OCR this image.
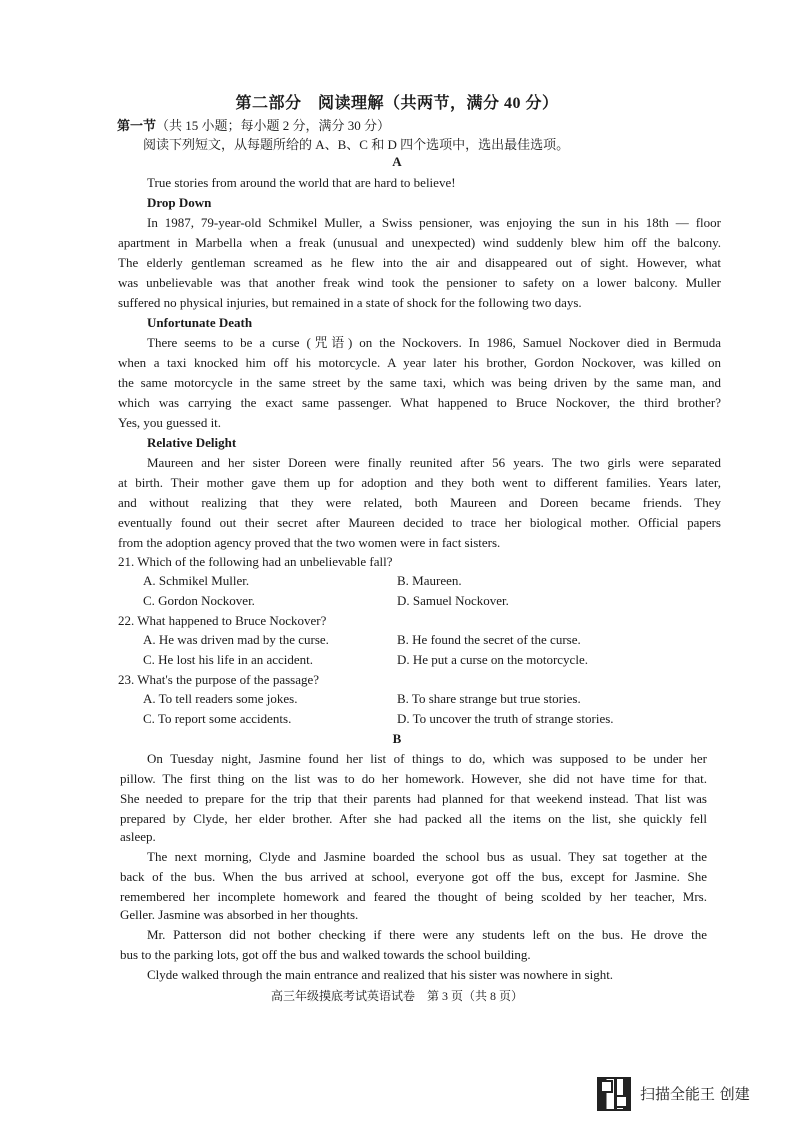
第二部分　阅读理解（共两节，满分 40 分）
第一节（共 15 小题；每小题 2 分，满分 30 分）
阅读下列短文，从每题所给的 A、B、C 和 D 四个选项中，选出最佳选项。
A
True stories from around the world that are hard to believe!
Drop Down
In 1987, 79-year-old Schmikel Muller, a Swiss pensioner, was enjoying the sun in his 18th — floor
apartment in Marbella when a freak (unusual and unexpected) wind suddenly blew him off the balcony.
The elderly gentleman screamed as he flew into the air and disappeared out of sight. However, what
was unbelievable was that another freak wind took the pensioner to safety on a lower balcony. Muller
suffered no physical injuries, but remained in a state of shock for the following two days.
Unfortunate Death
There seems to be a curse (咒语) on the Nockovers. In 1986, Samuel Nockover died in Bermuda
when a taxi knocked him off his motorcycle. A year later his brother, Gordon Nockover, was killed on
the same motorcycle in the same street by the same taxi, which was being driven by the same man, and
which was carrying the exact same passenger. What happened to Bruce Nockover, the third brother?
Yes, you guessed it.
Relative Delight
Maureen and her sister Doreen were finally reunited after 56 years. The two girls were separated
at birth. Their mother gave them up for adoption and they both went to different families. Years later,
and without realizing that they were related, both Maureen and Doreen became friends. They
eventually found out their secret after Maureen decided to trace her biological mother. Official papers
from the adoption agency proved that the two women were in fact sisters.
21. Which of the following had an unbelievable fall?
A. Schmikel Muller.	B. Maureen.
C. Gordon Nockover.	D. Samuel Nockover.
22. What happened to Bruce Nockover?
A. He was driven mad by the curse.	B. He found the secret of the curse.
C. He lost his life in an accident.	D. He put a curse on the motorcycle.
23. What's the purpose of the passage?
A. To tell readers some jokes.	B. To share strange but true stories.
C. To report some accidents.	D. To uncover the truth of strange stories.
B
On Tuesday night, Jasmine found her list of things to do, which was supposed to be under her
pillow. The first thing on the list was to do her homework. However, she did not have time for that.
She needed to prepare for the trip that their parents had planned for that weekend instead. That list was
prepared by Clyde, her elder brother. After she had packed all the items on the list, she quickly fell
asleep.
The next morning, Clyde and Jasmine boarded the school bus as usual. They sat together at the
back of the bus. When the bus arrived at school, everyone got off the bus, except for Jasmine. She
remembered her incomplete homework and feared the thought of being scolded by her teacher, Mrs.
Geller. Jasmine was absorbed in her thoughts.
Mr. Patterson did not bother checking if there were any students left on the bus. He drove the
bus to the parking lots, got off the bus and walked towards the school building.
Clyde walked through the main entrance and realized that his sister was nowhere in sight.
高三年级摸底考试英语试卷　第 3 页（共 8 页）
扫描全能王 创建
